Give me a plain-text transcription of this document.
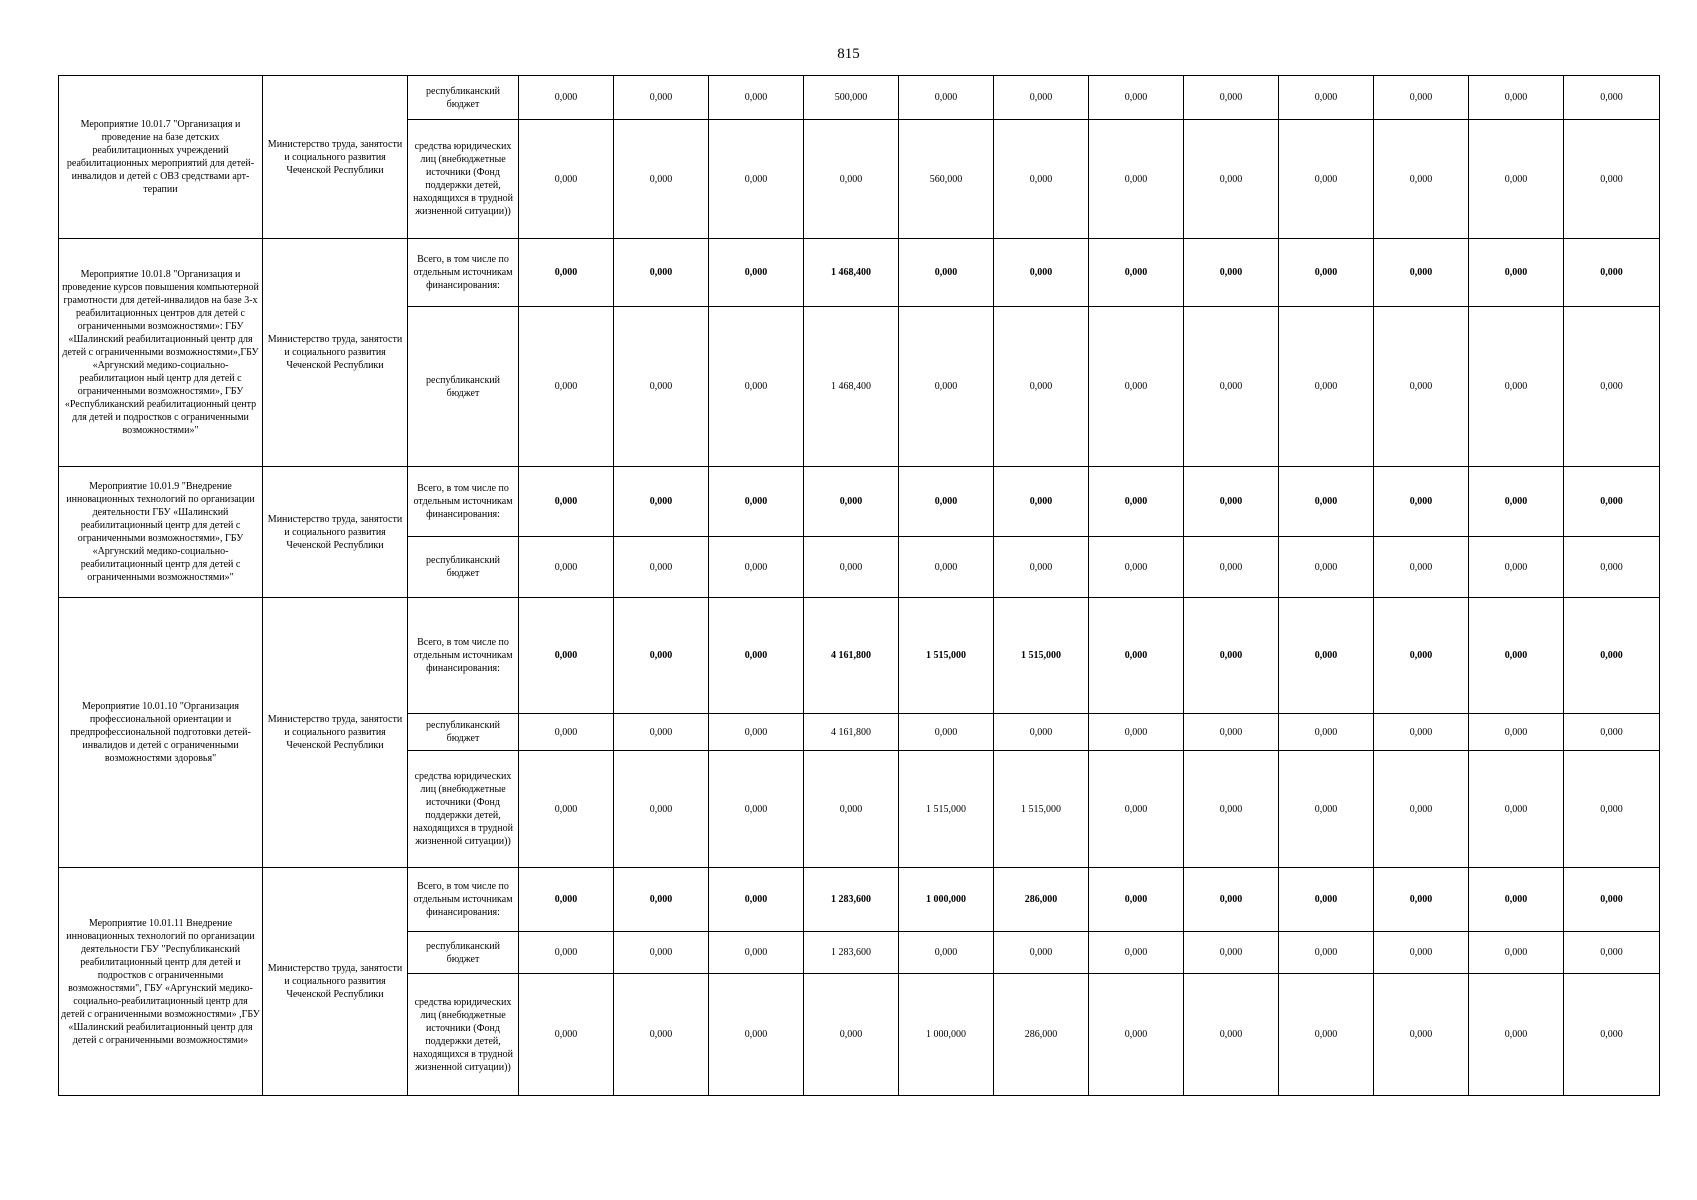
815
Мероприятие 10.01.7 "Организация и проведение на базе детских реабилитационных учреждений реабилитационных мероприятий для детей-инвалидов и детей с ОВЗ средствами арт-терапии	Министерство труда, занятости и социального развития Чеченской Республики	республиканский бюджет	0,000	0,000	0,000	500,000	0,000	0,000	0,000	0,000	0,000	0,000	0,000	0,000
		средства юридических лиц (внебюджетные источники (Фонд поддержки детей, находящихся в трудной жизненной ситуации))	0,000	0,000	0,000	0,000	560,000	0,000	0,000	0,000	0,000	0,000	0,000	0,000
Мероприятие 10.01.8 "Организация и проведение курсов повышения компьютерной грамотности для детей-инвалидов на базе 3-х реабилитационных центров для детей с ограниченными возможностями»: ГБУ «Шалинский реабилитационный центр для детей с ограниченными возможностями»,ГБУ «Аргунский медико-социально-реабилитацион ный центр для детей с ограниченными возможностями», ГБУ «Республиканский реабилитационный центр для детей и подростков с ограниченными возможностями»"	Министерство труда, занятости и социального развития Чеченской Республики	Всего, в том числе по отдельным источникам финансирования:	0,000	0,000	0,000	1 468,400	0,000	0,000	0,000	0,000	0,000	0,000	0,000	0,000
		республиканский бюджет	0,000	0,000	0,000	1 468,400	0,000	0,000	0,000	0,000	0,000	0,000	0,000	0,000
Мероприятие 10.01.9 "Внедрение инновационных технологий по организации деятельности ГБУ «Шалинский реабилитационный центр для детей с ограниченными возможностями», ГБУ «Аргунский медико-социально-реабилитационный центр для детей с ограниченными возможностями»"	Министерство труда, занятости и социального развития Чеченской Республики	Всего, в том числе по отдельным источникам финансирования:	0,000	0,000	0,000	0,000	0,000	0,000	0,000	0,000	0,000	0,000	0,000	0,000
		республиканский бюджет	0,000	0,000	0,000	0,000	0,000	0,000	0,000	0,000	0,000	0,000	0,000	0,000
Мероприятие 10.01.10 "Организация профессиональной ориентации и предпрофессиональной подготовки детей-инвалидов и детей с ограниченными возможностями здоровья"	Министерство труда, занятости и социального развития Чеченской Республики	Всего, в том числе по отдельным источникам финансирования:	0,000	0,000	0,000	4 161,800	1 515,000	1 515,000	0,000	0,000	0,000	0,000	0,000	0,000
		республиканский бюджет	0,000	0,000	0,000	4 161,800	0,000	0,000	0,000	0,000	0,000	0,000	0,000	0,000
		средства юридических лиц (внебюджетные источники (Фонд поддержки детей, находящихся в трудной жизненной ситуации))	0,000	0,000	0,000	0,000	1 515,000	1 515,000	0,000	0,000	0,000	0,000	0,000	0,000
Мероприятие 10.01.11 Внедрение инновационных технологий по организации деятельности ГБУ "Республиканский реабилитационный центр для детей и подростков с ограниченными возможностями", ГБУ «Аргунский медико-социально-реабилитационный центр для детей с ограниченными возможностями» ,ГБУ «Шалинский реабилитационный центр для детей с ограниченными возможностями»	Министерство труда, занятости и социального развития Чеченской Республики	Всего, в том числе по отдельным источникам финансирования:	0,000	0,000	0,000	1 283,600	1 000,000	286,000	0,000	0,000	0,000	0,000	0,000	0,000
		республиканский бюджет	0,000	0,000	0,000	1 283,600	0,000	0,000	0,000	0,000	0,000	0,000	0,000	0,000
		средства юридических лиц (внебюджетные источники (Фонд поддержки детей, находящихся в трудной жизненной ситуации))	0,000	0,000	0,000	0,000	1 000,000	286,000	0,000	0,000	0,000	0,000	0,000	0,000
